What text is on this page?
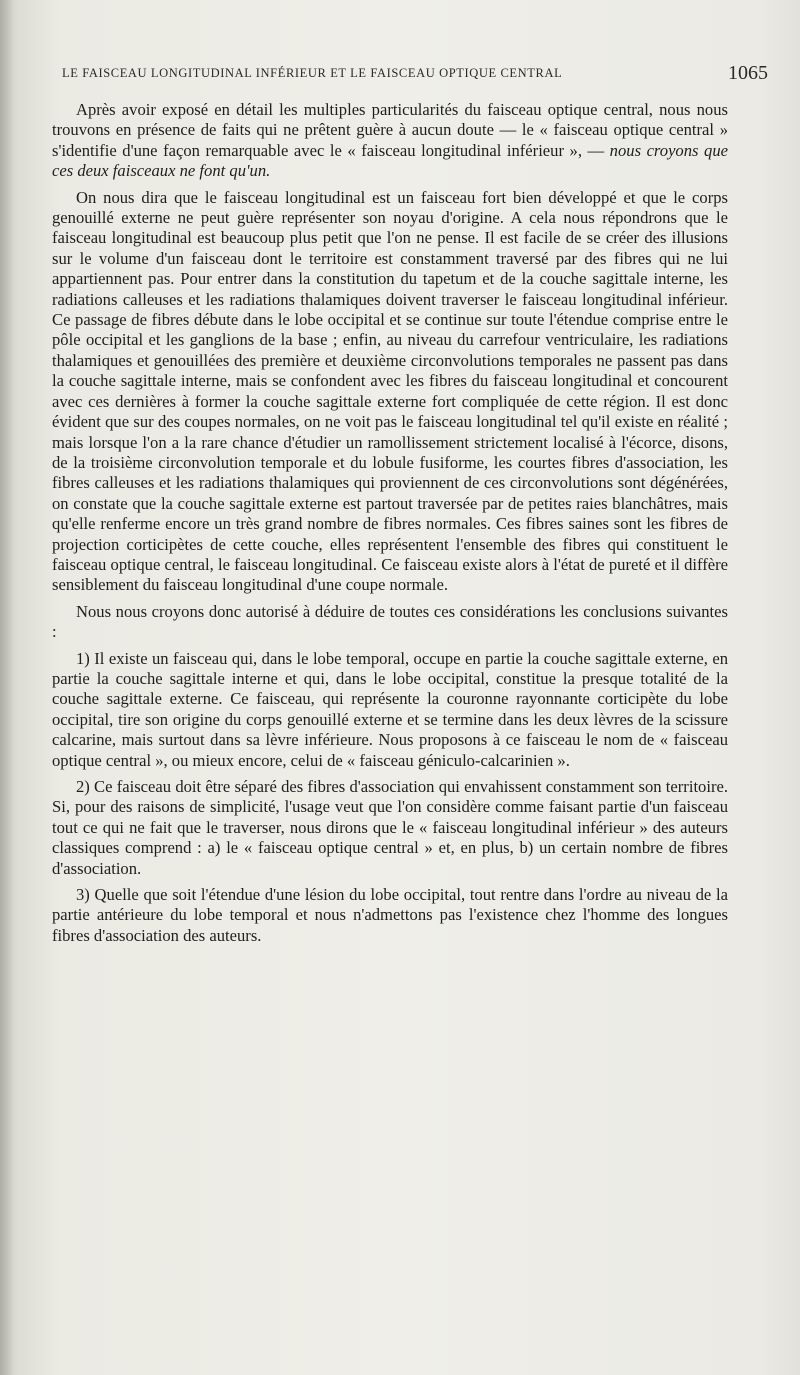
LE FAISCEAU LONGITUDINAL INFÉRIEUR ET LE FAISCEAU OPTIQUE CENTRAL	1065

Après avoir exposé en détail les multiples particularités du faisceau optique central, nous nous trouvons en présence de faits qui ne prêtent guère à aucun doute — le « faisceau optique central » s'identifie d'une façon remarquable avec le « faisceau longitudinal inférieur », — nous croyons que ces deux faisceaux ne font qu'un.

On nous dira que le faisceau longitudinal est un faisceau fort bien développé et que le corps genouillé externe ne peut guère représenter son noyau d'origine. A cela nous répondrons que le faisceau longitudinal est beaucoup plus petit que l'on ne pense. Il est facile de se créer des illusions sur le volume d'un faisceau dont le territoire est constamment traversé par des fibres qui ne lui appartiennent pas. Pour entrer dans la constitution du tapetum et de la couche sagittale interne, les radiations calleuses et les radiations thalamiques doivent traverser le faisceau longitudinal inférieur. Ce passage de fibres débute dans le lobe occipital et se continue sur toute l'étendue comprise entre le pôle occipital et les ganglions de la base ; enfin, au niveau du carrefour ventriculaire, les radiations thalamiques et genouillées des première et deuxième circonvolutions temporales ne passent pas dans la couche sagittale interne, mais se confondent avec les fibres du faisceau longitudinal et concourent avec ces dernières à former la couche sagittale externe fort compliquée de cette région. Il est donc évident que sur des coupes normales, on ne voit pas le faisceau longitudinal tel qu'il existe en réalité ; mais lorsque l'on a la rare chance d'étudier un ramollissement strictement localisé à l'écorce, disons, de la troisième circonvolution temporale et du lobule fusiforme, les courtes fibres d'association, les fibres calleuses et les radiations thalamiques qui proviennent de ces circonvolutions sont dégénérées, on constate que la couche sagittale externe est partout traversée par de petites raies blanchâtres, mais qu'elle renferme encore un très grand nombre de fibres normales. Ces fibres saines sont les fibres de projection corticipètes de cette couche, elles représentent l'ensemble des fibres qui constituent le faisceau optique central, le faisceau longitudinal. Ce faisceau existe alors à l'état de pureté et il diffère sensiblement du faisceau longitudinal d'une coupe normale.

Nous nous croyons donc autorisé à déduire de toutes ces considérations les conclusions suivantes :

1) Il existe un faisceau qui, dans le lobe temporal, occupe en partie la couche sagittale externe, en partie la couche sagittale interne et qui, dans le lobe occipital, constitue la presque totalité de la couche sagittale externe. Ce faisceau, qui représente la couronne rayonnante corticipète du lobe occipital, tire son origine du corps genouillé externe et se termine dans les deux lèvres de la scissure calcarine, mais surtout dans sa lèvre inférieure. Nous proposons à ce faisceau le nom de « faisceau optique central », ou mieux encore, celui de « faisceau géniculo-calcarinien ».

2) Ce faisceau doit être séparé des fibres d'association qui envahissent constamment son territoire. Si, pour des raisons de simplicité, l'usage veut que l'on considère comme faisant partie d'un faisceau tout ce qui ne fait que le traverser, nous dirons que le « faisceau longitudinal inférieur » des auteurs classiques comprend : a) le « faisceau optique central » et, en plus, b) un certain nombre de fibres d'association.

3) Quelle que soit l'étendue d'une lésion du lobe occipital, tout rentre dans l'ordre au niveau de la partie antérieure du lobe temporal et nous n'admettons pas l'existence chez l'homme des longues fibres d'association des auteurs.
